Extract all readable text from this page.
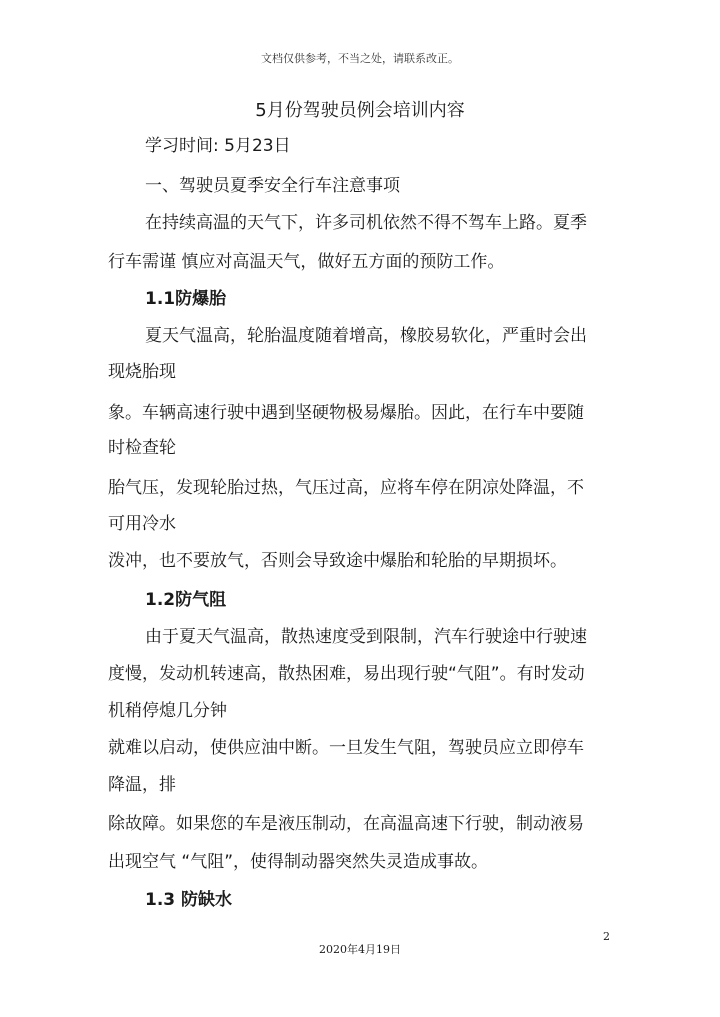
文档仅供参考，不当之处，请联系改正。
5月份驾驶员例会培训内容
学习时间: 5月23日
一、驾驶员夏季安全行车注意事项
在持续高温的天气下，许多司机依然不得不驾车上路。夏季
行车需谨 慎应对高温天气，做好五方面的预防工作。
1.1防爆胎
夏天气温高，轮胎温度随着增高，橡胶易软化，严重时会出
现烧胎现
象。车辆高速行驶中遇到坚硬物极易爆胎。因此，在行车中要随
时检查轮
胎气压，发现轮胎过热，气压过高，应将车停在阴凉处降温，不
可用冷水
泼冲，也不要放气，否则会导致途中爆胎和轮胎的早期损坏。
1.2防气阻
由于夏天气温高，散热速度受到限制，汽车行驶途中行驶速
度慢，发动机转速高，散热困难，易出现行驶“气阻”。有时发动
机稍停熄几分钟
就难以启动，使供应油中断。一旦发生气阻，驾驶员应立即停车
降温，排
除故障。如果您的车是液压制动，在高温高速下行驶，制动液易
出现空气 “气阻”，使得制动器突然失灵造成事故。
1.3 防缺水
2
2020年4月19日
